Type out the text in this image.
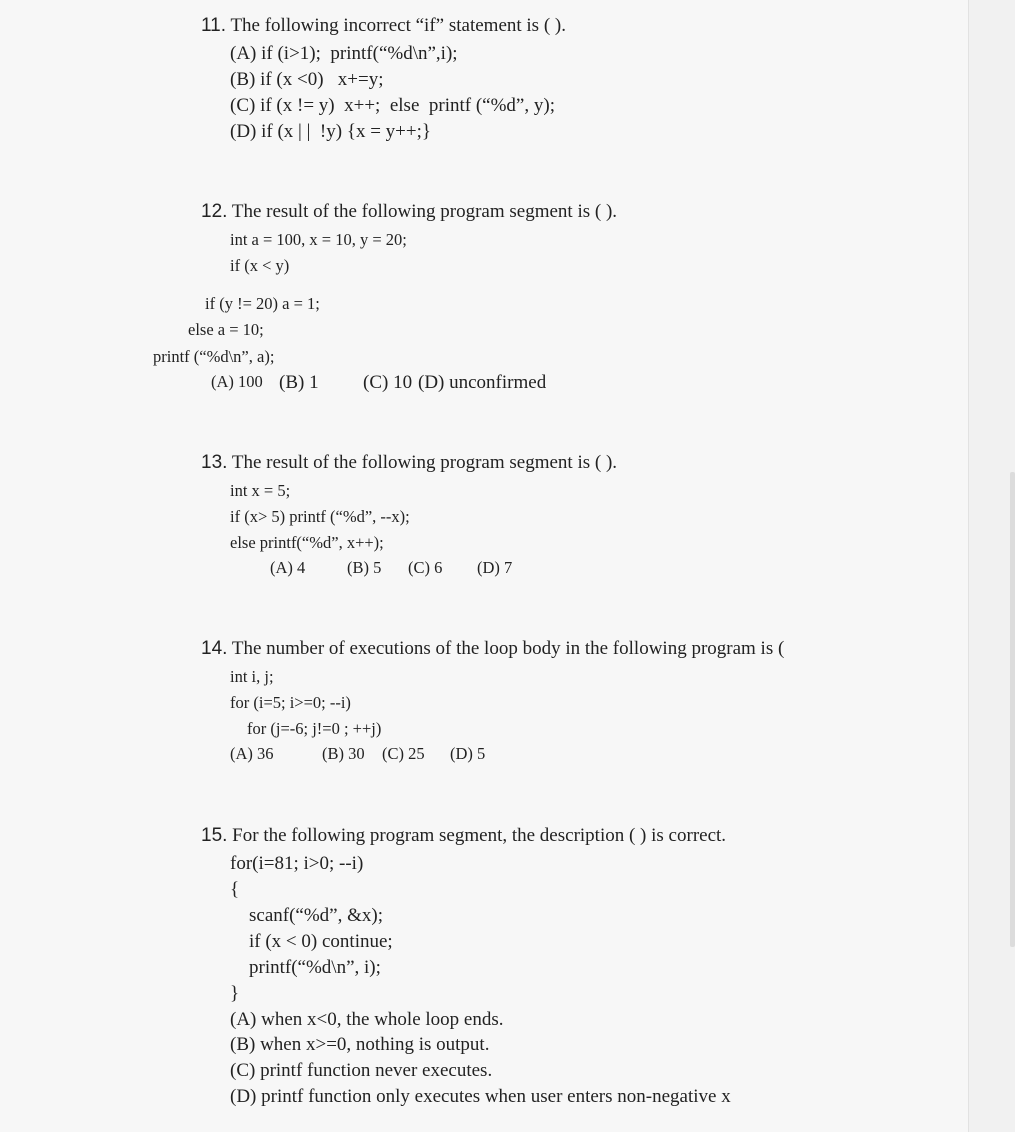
11. The following incorrect “if” statement is ( ).
(A) if (i>1);  printf(“%d\n”,i);
(B) if (x <0)   x+=y;
(C) if (x != y)  x++;  else  printf (“%d”, y);
(D) if (x | |  !y) {x = y++;}
12. The result of the following program segment is ( ).
int a = 100, x = 10, y = 20;
if (x < y)
if (y != 20) a = 1;
else a = 10;
printf (“%d\n”, a);
(A) 100 (B) 1 (C) 10 (D) unconfirmed
13. The result of the following program segment is ( ).
int x = 5;
if (x> 5) printf (“%d”, --x);
else printf(“%d”, x++);
(A) 4	(B) 5 (C) 6 (D) 7
14. The number of executions of the loop body in the following program is (
int i, j;
for (i=5; i>=0; --i)
for (j=-6; j!=0 ; ++j)
(A) 36	(B) 30 (C) 25 (D) 5
15. For the following program segment, the description ( ) is correct.
for(i=81; i>0; --i)
{
scanf(“%d”, &x);
if (x < 0) continue;
printf(“%d\n”, i);
}
(A) when x<0, the whole loop ends.
(B) when x>=0, nothing is output.
(C) printf function never executes.
(D) printf function only executes when user enters non-negative x
